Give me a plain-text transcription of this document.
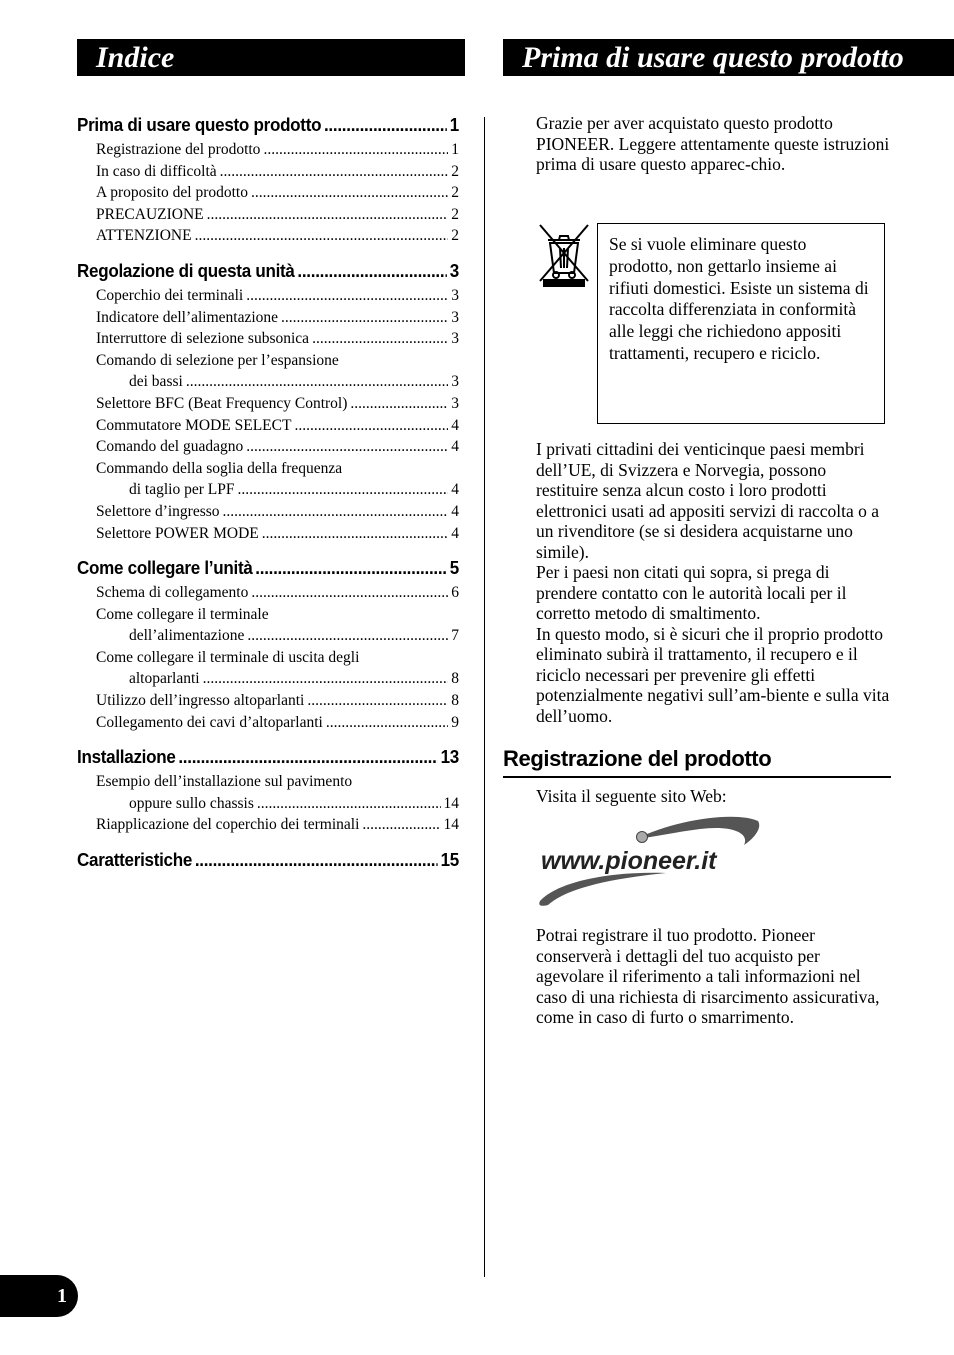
Indice	Prima di usare questo prodotto
Prima di usare questo prodotto .....	1
Registrazione del prodotto .....	1
In caso di difficoltà .....	2
A proposito del prodotto .....	2
PRECAUZIONE .....	2
ATTENZIONE .....	2
Regolazione di questa unità .....	3
Coperchio dei terminali .....	3
Indicatore dell’alimentazione .....	3
Interruttore di selezione subsonica .....	3
Comando di selezione per l’espansione
dei bassi .....	3
Selettore BFC (Beat Frequency Control) .....	3
Commutatore MODE SELECT .....	4
Comando del guadagno .....	4
Commando della soglia della frequenza
di taglio per LPF .....	4
Selettore d’ingresso .....	4
Selettore POWER MODE .....	4
Come collegare l’unità .....	5
Schema di collegamento .....	6
Come collegare il terminale
dell’alimentazione .....	7
Come collegare il terminale di uscita degli
altoparlanti .....	8
Utilizzo dell’ingresso altoparlanti .....	8
Collegamento dei cavi d’altoparlanti .....	9
Installazione .....	13
Esempio dell’installazione sul pavimento
oppure sullo chassis .....	14
Riapplicazione del coperchio dei terminali .....	14
Caratteristiche .....	15
Grazie per aver acquistato questo prodotto PIONEER. Leggere attentamente queste istruzioni prima di usare questo apparec-chio.
Se si vuole eliminare questo prodotto, non gettarlo insieme ai rifiuti domestici. Esiste un sistema di raccolta differenziata in conformità alle leggi che richiedono appositi trattamenti, recupero e riciclo.

I privati cittadini dei venticinque paesi membri dell’UE, di Svizzera e Norvegia, possono restituire senza alcun costo i loro prodotti elettronici usati ad appositi servizi di raccolta o a un rivenditore (se si desidera acquistarne uno simile).

Per i paesi non citati qui sopra, si prega di prendere contatto con le autorità locali per il corretto metodo di smaltimento.

In questo modo, si è sicuri che il proprio prodotto eliminato subirà il trattamento, il recupero e il riciclo necessari per prevenire gli effetti potenzialmente negativi sull’am-biente e sulla vita dell’uomo.

Registrazione del prodotto
Visita il seguente sito Web:
www.pioneer.it
Potrai registrare il tuo prodotto. Pioneer conserverà i dettagli del tuo acquisto per agevolare il riferimento a tali informazioni nel caso di una richiesta di risarcimento assicurativa, come in caso di furto o smarrimento.
1
